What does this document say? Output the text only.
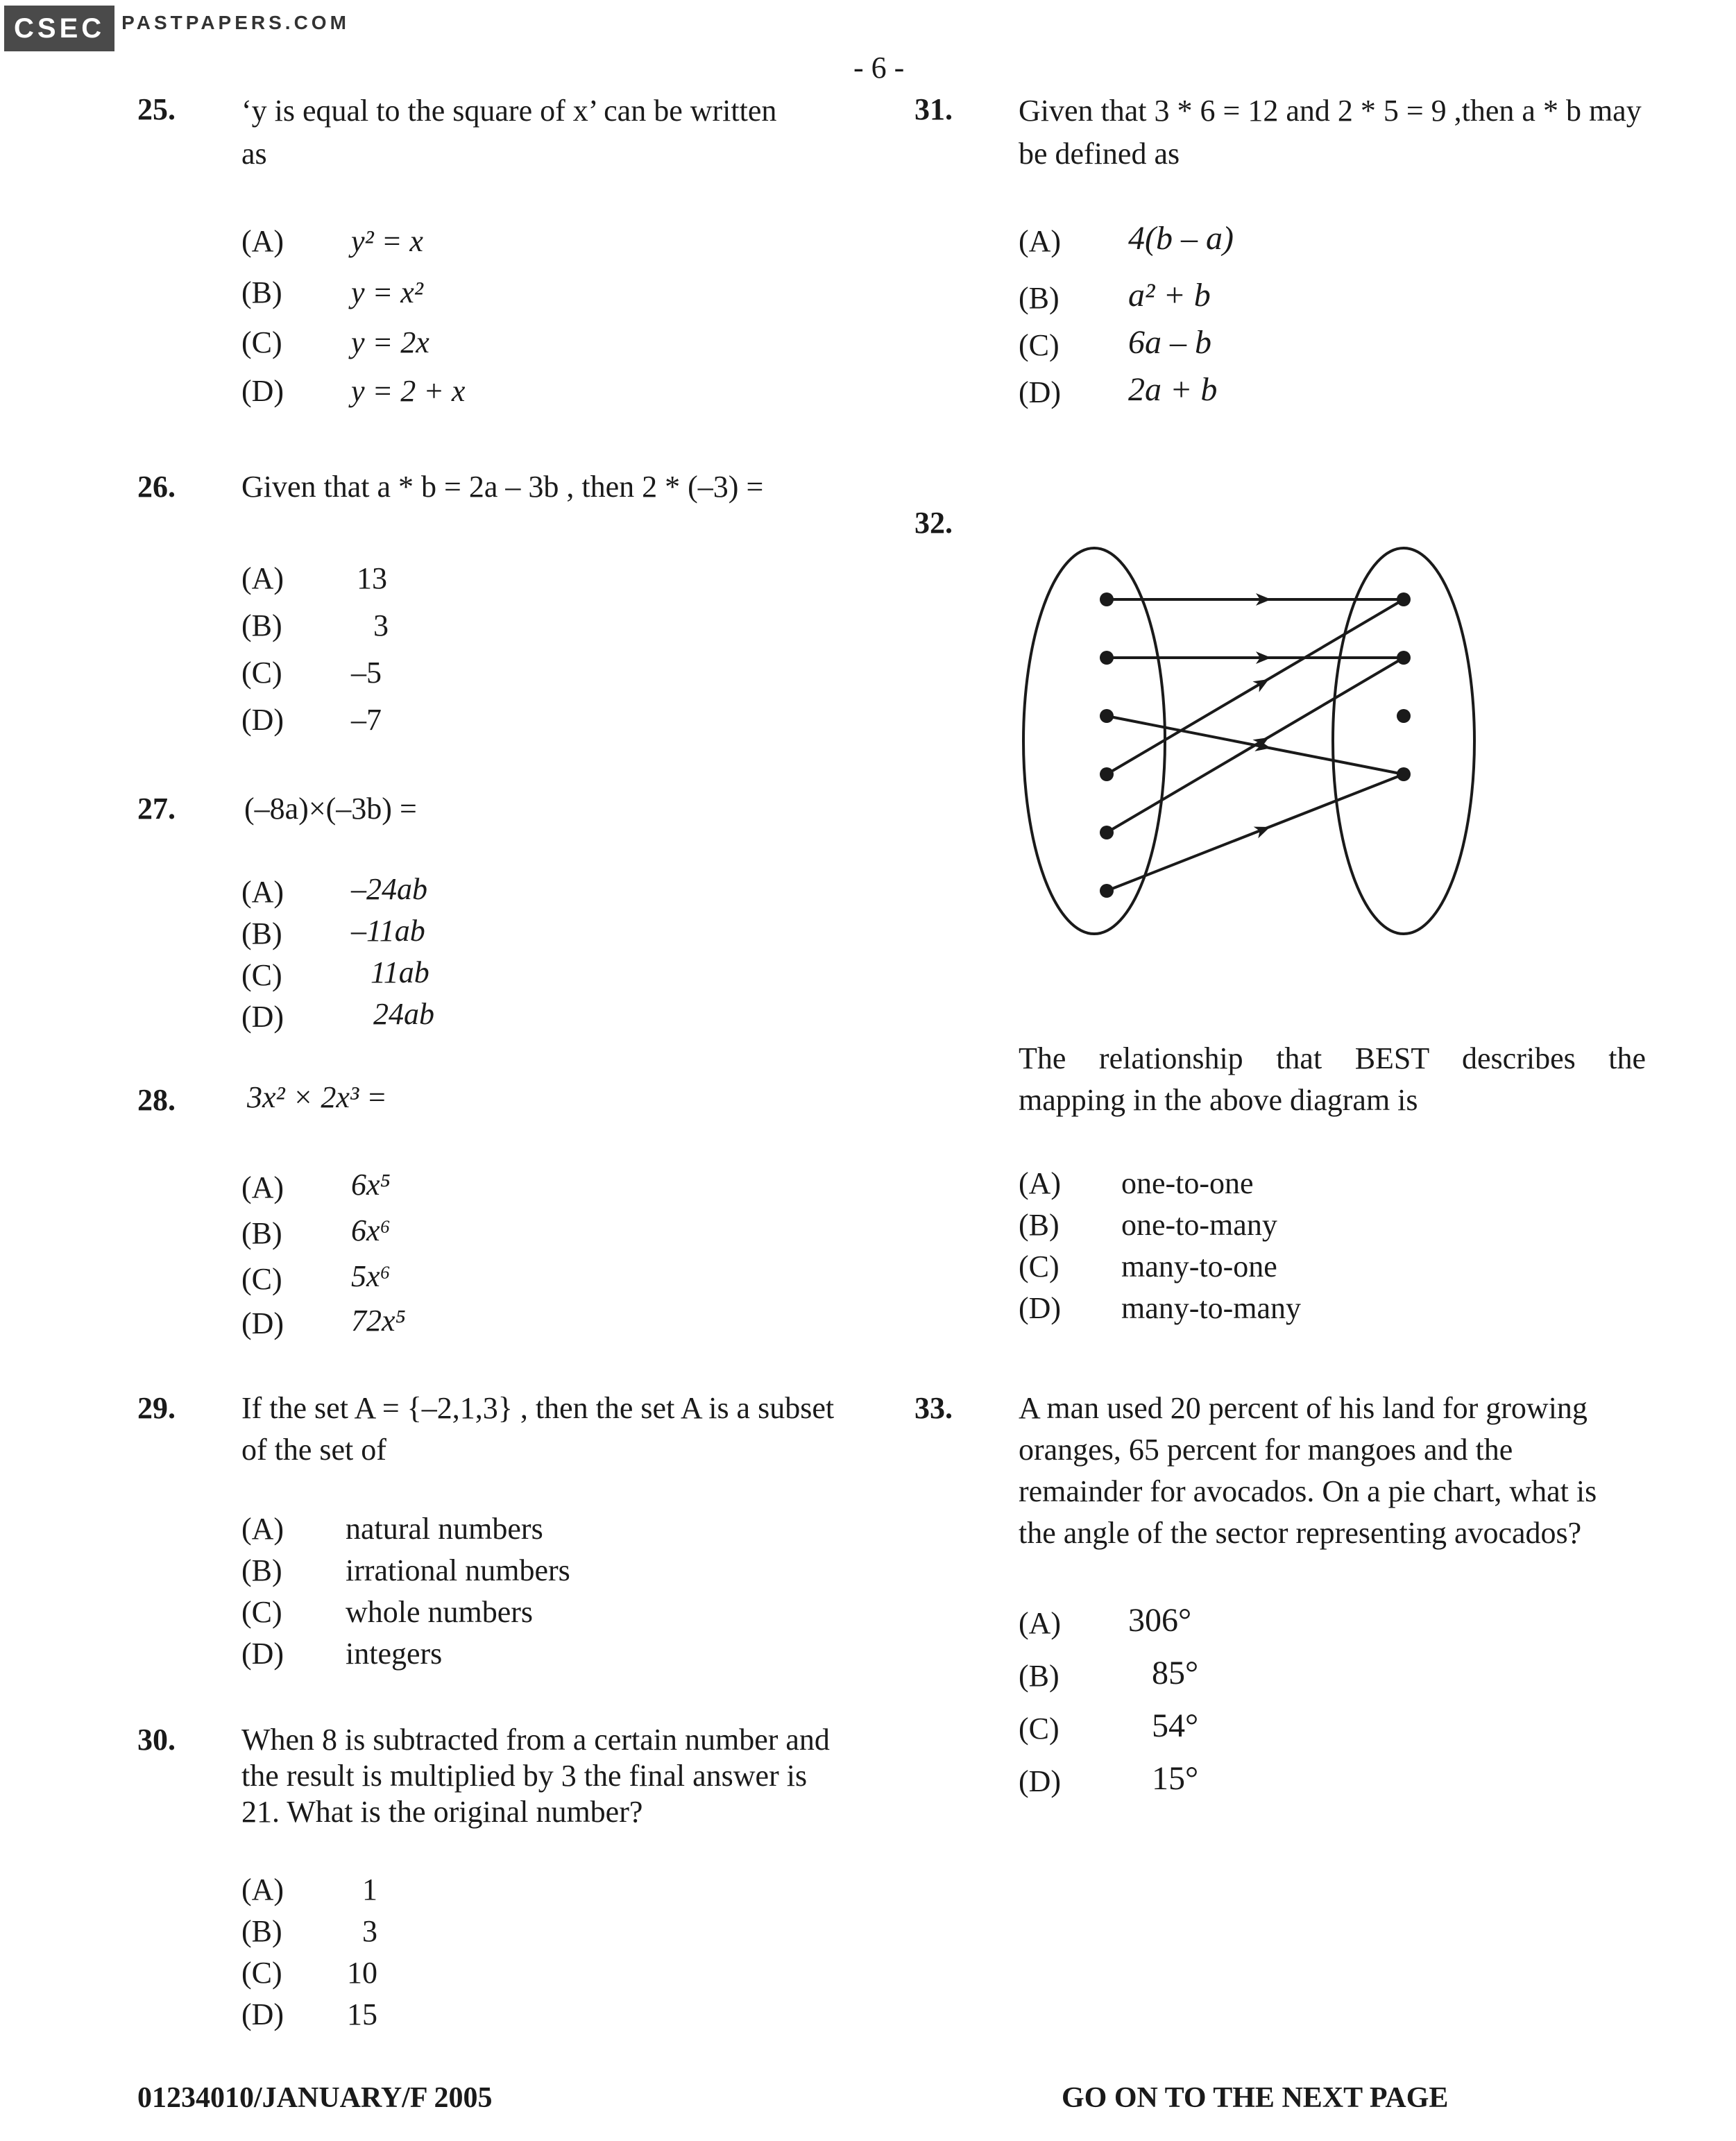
CSEC PASTPAPERS.COM
- 6 -
25. ‘y is equal to the square of x’ can be written
as
(A) y² = x
(B) y = x²
(C) y = 2x
(D) y = 2 + x
26. Given that a * b = 2a – 3b , then 2 * (–3) =
(A) 13
(B)	3
(C) –5
(D) –7
27. (–8a)×(–3b) =
(A) –24ab
(B) –11ab
(C)	11ab
(D)	24ab
28. 3x² × 2x³ =
(A) 6x⁵
(B) 6x⁶
(C) 5x⁶
(D) 72x⁵
29. If the set A = {–2,1,3} , then the set A is a subset
of the set of
(A) natural numbers
(B) irrational numbers
(C) whole numbers
(D) integers
30. When 8 is subtracted from a certain number and
the result is multiplied by 3 the final answer is
21. What is the original number?
(A)	1
(B)	3
(C) 10
(D) 15
31. Given that 3 * 6 = 12 and 2 * 5 = 9 ,then a * b may
be defined as
(A) 4(b – a)
(B) a² + b
(C) 6a – b
(D) 2a + b
32.
The relationship that BEST describes the
mapping in the above diagram is
(A) one-to-one
(B) one-to-many
(C) many-to-one
(D) many-to-many
33. A man used 20 percent of his land for growing
oranges, 65 percent for mangoes and the
remainder for avocados. On a pie chart, what is
the angle of the sector representing avocados?
(A) 306°
(B)	85°
(C)	54°
(D)	15°
01234010/JANUARY/F 2005	GO ON TO THE NEXT PAGE
